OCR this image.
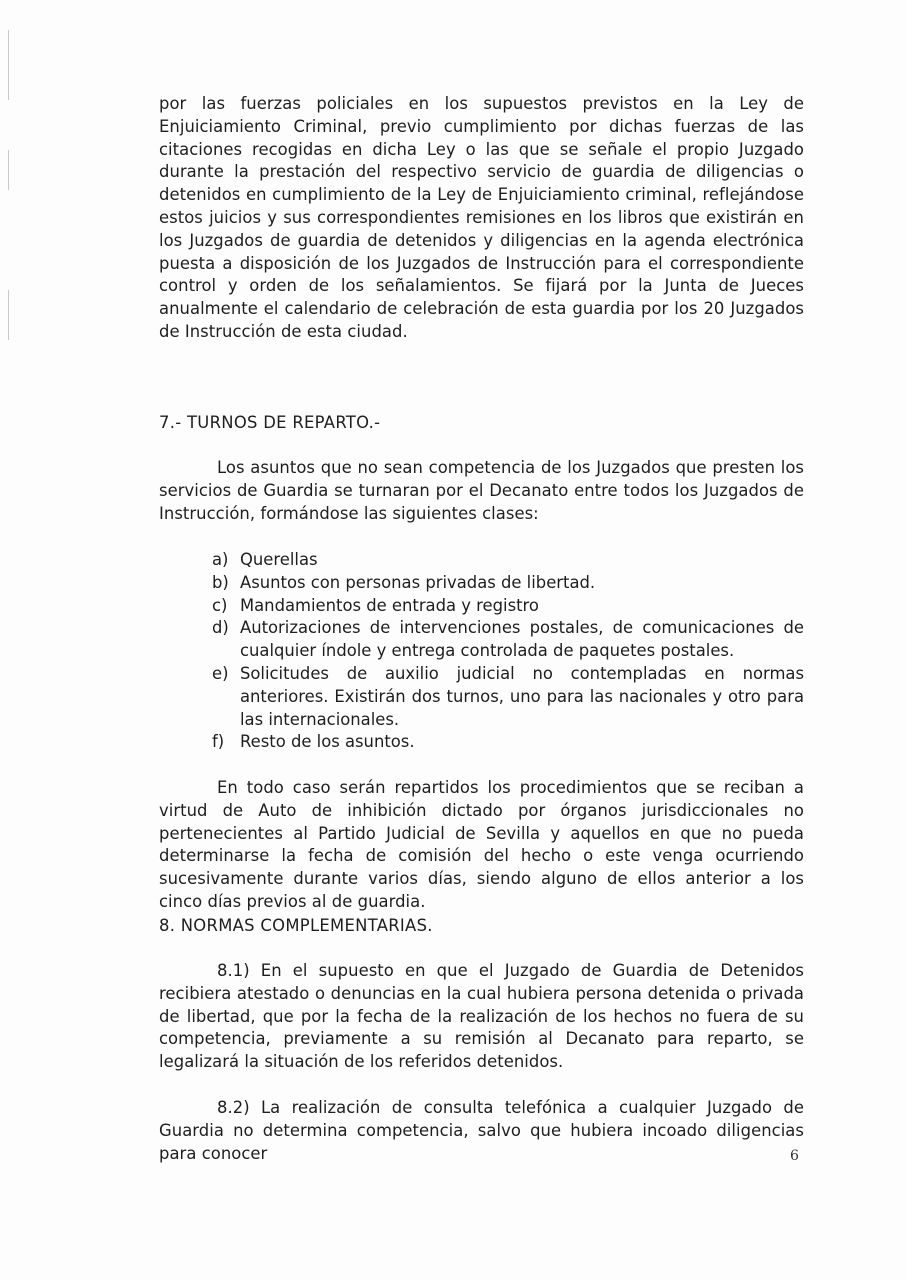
por las fuerzas policiales en los supuestos previstos en la Ley de Enjuiciamiento Criminal, previo cumplimiento por dichas fuerzas de las citaciones recogidas en dicha Ley o las que se señale el propio Juzgado durante la prestación del respectivo servicio de guardia de diligencias o detenidos en cumplimiento de la Ley de Enjuiciamiento criminal, reflejándose estos juicios y sus correspondientes remisiones en los libros que existirán en los Juzgados de guardia de detenidos y diligencias en la agenda electrónica puesta a disposición de los Juzgados de Instrucción para el correspondiente control y orden de los señalamientos. Se fijará por la Junta de Jueces anualmente el calendario de celebración de esta guardia por los 20 Juzgados de Instrucción de esta ciudad.

7.- TURNOS DE REPARTO.-

Los asuntos que no sean competencia de los Juzgados que presten los servicios de Guardia se turnaran por el Decanato entre todos los Juzgados de Instrucción, formándose las siguientes clases:

a) Querellas
b) Asuntos con personas privadas de libertad.
c) Mandamientos de entrada y registro
d) Autorizaciones de intervenciones postales, de comunicaciones de cualquier índole y entrega controlada de paquetes postales.
e) Solicitudes de auxilio judicial no contempladas en normas anteriores. Existirán dos turnos, uno para las nacionales y otro para las internacionales.
f) Resto de los asuntos.

En todo caso serán repartidos los procedimientos que se reciban a virtud de Auto de inhibición dictado por órganos jurisdiccionales no pertenecientes al Partido Judicial de Sevilla y aquellos en que no pueda determinarse la fecha de comisión del hecho o este venga ocurriendo sucesivamente durante varios días, siendo alguno de ellos anterior a los cinco días previos al de guardia.

8. NORMAS COMPLEMENTARIAS.

8.1) En el supuesto en que el Juzgado de Guardia de Detenidos recibiera atestado o denuncias en la cual hubiera persona detenida o privada de libertad, que por la fecha de la realización de los hechos no fuera de su competencia, previamente a su remisión al Decanato para reparto, se legalizará la situación de los referidos detenidos.

8.2) La realización de consulta telefónica a cualquier Juzgado de Guardia no determina competencia, salvo que hubiera incoado diligencias para conocer	6
